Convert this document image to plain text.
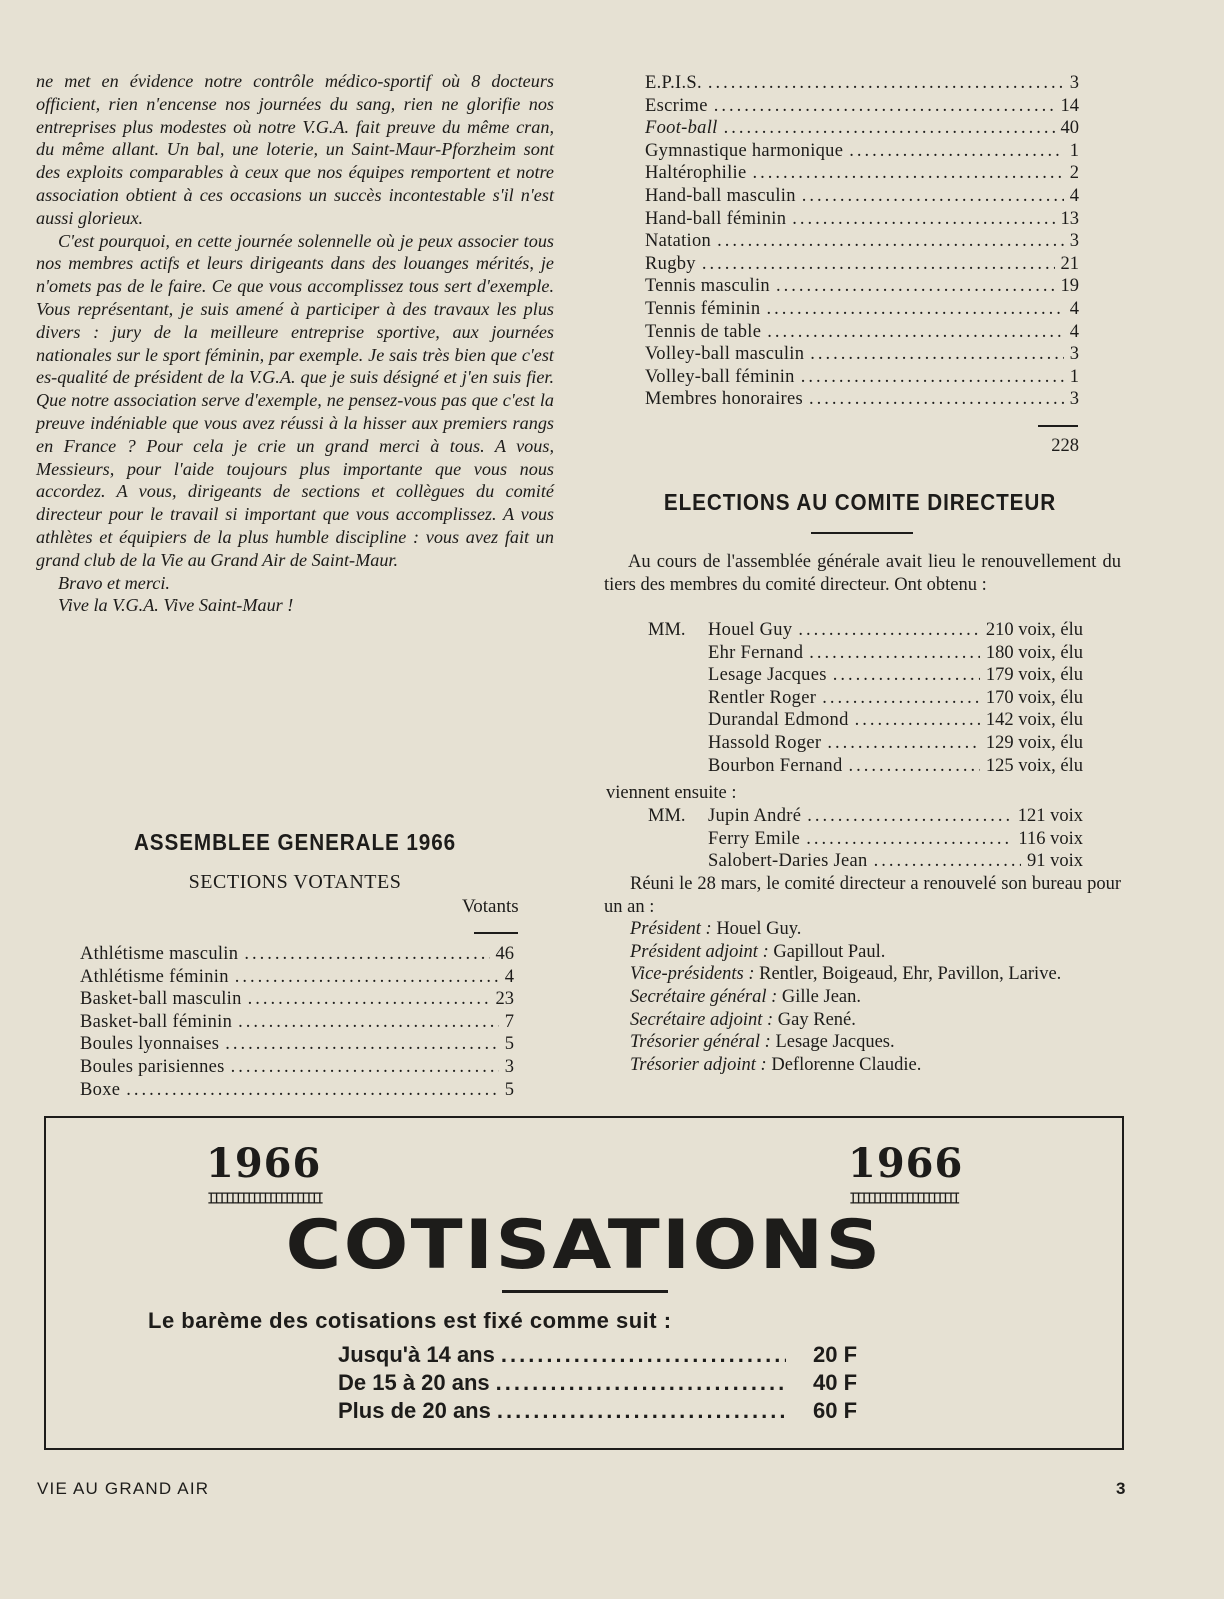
ne met en évidence notre contrôle médico-sportif où 8 docteurs officient, rien n'encense nos journées du sang, rien ne glorifie nos entreprises plus modestes où notre V.G.A. fait preuve du même cran, du même allant. Un bal, une loterie, un Saint-Maur-Pforzheim sont des exploits comparables à ceux que nos équipes remportent et notre association obtient à ces occasions un succès incontestable s'il n'est aussi glorieux.

C'est pourquoi, en cette journée solennelle où je peux associer tous nos membres actifs et leurs dirigeants dans des louanges mérités, je n'omets pas de le faire. Ce que vous accomplissez tous sert d'exemple. Vous représentant, je suis amené à participer à des travaux les plus divers : jury de la meilleure entreprise sportive, aux journées nationales sur le sport féminin, par exemple. Je sais très bien que c'est es-qualité de président de la V.G.A. que je suis désigné et j'en suis fier. Que notre association serve d'exemple, ne pensez-vous pas que c'est la preuve indéniable que vous avez réussi à la hisser aux premiers rangs en France ? Pour cela je crie un grand merci à tous. A vous, Messieurs, pour l'aide toujours plus importante que vous nous accordez. A vous, dirigeants de sections et collègues du comité directeur pour le travail si important que vous accomplissez. A vous athlètes et équipiers de la plus humble discipline : vous avez fait un grand club de la Vie au Grand Air de Saint-Maur.

Bravo et merci.

Vive la V.G.A. Vive Saint-Maur !

ASSEMBLEE GENERALE 1966
SECTIONS VOTANTES
Votants
Athlétisme masculin .....	46
Athlétisme féminin .....	4
Basket-ball masculin .....	23
Basket-ball féminin .....	7
Boules lyonnaises .....	5
Boules parisiennes .....	3
Boxe .....	5
E.P.I.S. .....	3
Escrime .....	14
Foot-ball .....	40
Gymnastique harmonique .....	1
Haltérophilie .....	2
Hand-ball masculin .....	4
Hand-ball féminin .....	13
Natation .....	3
Rugby .....	21
Tennis masculin .....	19
Tennis féminin .....	4
Tennis de table .....	4
Volley-ball masculin .....	3
Volley-ball féminin .....	1
Membres honoraires .....	3
228
ELECTIONS AU COMITE DIRECTEUR

Au cours de l'assemblée générale avait lieu le renouvellement du tiers des membres du comité directeur. Ont obtenu :

MM.	Houel Guy .....	210 voix, élu
Ehr Fernand .....	180 voix, élu
Lesage Jacques .....	179 voix, élu
Rentler Roger .....	170 voix, élu
Durandal Edmond .....	142 voix, élu
Hassold Roger .....	129 voix, élu
Bourbon Fernand .....	125 voix, élu
viennent ensuite :
MM.	Jupin André .....	121 voix
Ferry Emile .....	116 voix
Salobert-Daries Jean .....	91 voix

Réuni le 28 mars, le comité directeur a renouvelé son bureau pour un an :

Président : Houel Guy.

Président adjoint : Gapillout Paul.

Vice-présidents : Rentler, Boigeaud, Ehr, Pavillon, Larive.

Secrétaire général : Gille Jean.

Secrétaire adjoint : Gay René.

Trésorier général : Lesage Jacques.

Trésorier adjoint : Deflorenne Claudie.

1966
IIIIIIIIIIIIIIIIIIIII
1966
IIIIIIIIIIIIIIIIIIII
COTISATIONS
Le barème des cotisations est fixé comme suit :
Jusqu'à 14 ans .....	20 F
De 15 à 20 ans .....	40 F
Plus de 20 ans .....	60 F
VIE AU GRAND AIR	3
